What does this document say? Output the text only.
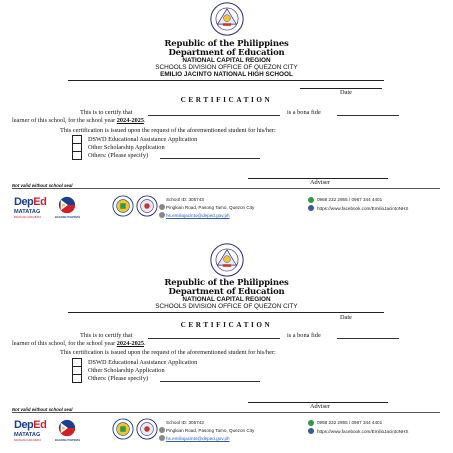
Republic of the Philippines
Department of Education
NATIONAL CAPITAL REGION
SCHOOLS DIVISION OFFICE OF QUEZON CITY
EMILIO JACINTO NATIONAL HIGH SCHOOL
Date
CERTIFICATION
This is to certify that	is a bona fide
learner of this school, for the school year 2024-2025.
This certification is issued upon the request of the aforementioned student for his/her:
DSWD Educational Assistance Application
Other Scholarship Application
Others: (Please specify)
Adviser
Not valid without school seal
DepEd
MATATAG
BANSANG MAKABATA	BAGONG PILIPINAS
School ID: 305743
Pingkian Road, Pasong Tamo, Quezon City
hs.emiliojacinto@deped.gov.ph
0968 232 2955 / 0967 344 4401
https://www.facebook.com/EmilioJacintoNHS
Republic of the Philippines
Department of Education
NATIONAL CAPITAL REGION
SCHOOLS DIVISION OFFICE OF QUEZON CITY
Date
CERTIFICATION
This is to certify that	is a bona fide
learner of this school, for the school year 2024-2025.
This certification is issued upon the request of the aforementioned student for his/her:
DSWD Educational Assistance Application
Other Scholarship Application
Others: (Please specify)
Adviser
Not valid without school seal
DepEd
MATATAG
BANSANG MAKABATA	BAGONG PILIPINAS
School ID: 305743
Pingkian Road, Pasong Tamo, Quezon City
hs.emiliojacinto@deped.gov.ph
0968 232 2955 / 0967 344 4401
https://www.facebook.com/EmilioJacintoNHS
